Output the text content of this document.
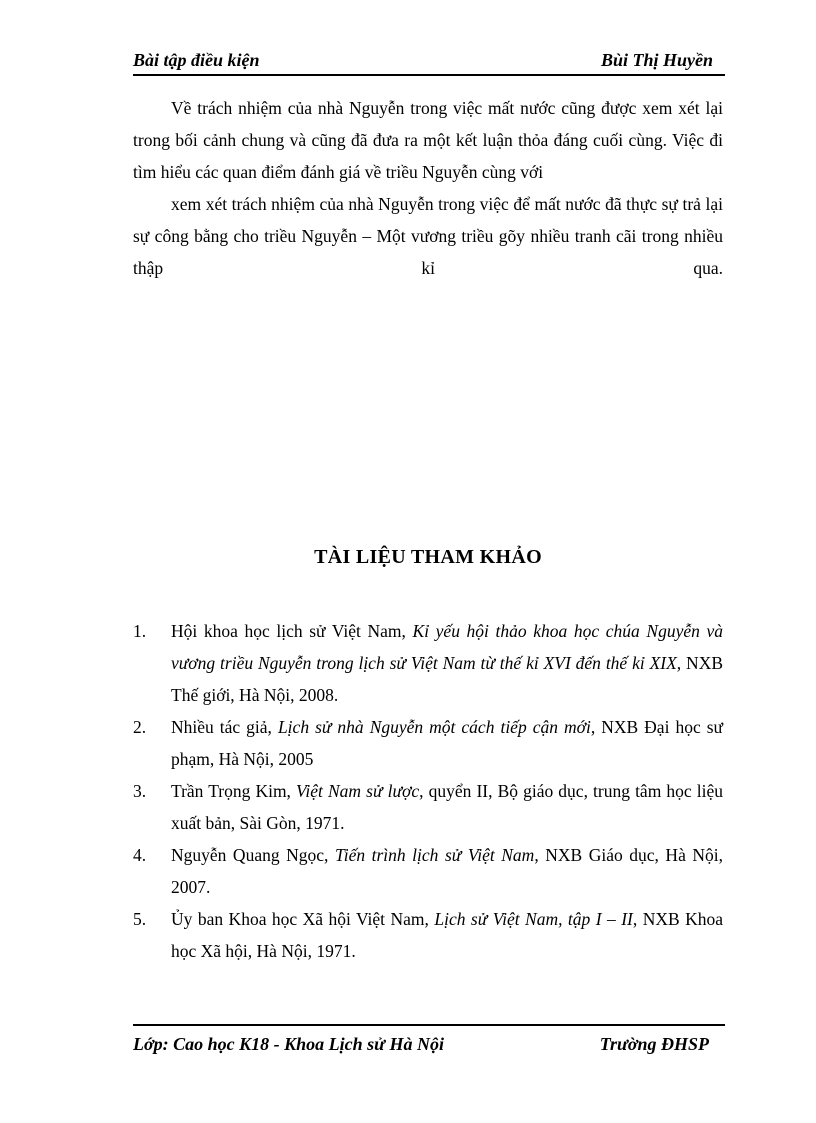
Bài tập điều kiện	Bùi Thị Huyền

Về trách nhiệm của nhà Nguyễn trong việc mất nước cũng được xem xét lại trong bối cảnh chung và cũng đã đưa ra một kết luận thỏa đáng cuối cùng. Việc đi tìm hiểu các quan điểm đánh giá về triều Nguyễn cùng với

xem xét trách nhiệm của nhà Nguyễn trong việc để mất nước đã thực sự trả lại sự công bằng cho triều Nguyễn – Một vương triều gõy nhiều tranh cãi trong nhiều thập kỉ qua.

TÀI LIỆU THAM KHẢO
1. Hội khoa học lịch sử Việt Nam, Kỉ yếu hội thảo khoa học chúa Nguyễn và vương triều Nguyễn trong lịch sử Việt Nam từ thế kỉ XVI đến thế kỉ XIX, NXB Thế giới, Hà Nội, 2008.
2. Nhiều tác giả, Lịch sử nhà Nguyễn một cách tiếp cận mới, NXB Đại học sư phạm, Hà Nội, 2005
3. Trần Trọng Kim, Việt Nam sử lược, quyển II, Bộ giáo dục, trung tâm học liệu xuất bản, Sài Gòn, 1971.
4. Nguyễn Quang Ngọc, Tiến trình lịch sử Việt Nam, NXB Giáo dục, Hà Nội, 2007.
5. Ủy ban Khoa học Xã hội Việt Nam, Lịch sử Việt Nam, tập I – II, NXB Khoa học Xã hội, Hà Nội, 1971.
Lớp: Cao học K18 - Khoa Lịch sử Hà Nội	Trường ĐHSP
